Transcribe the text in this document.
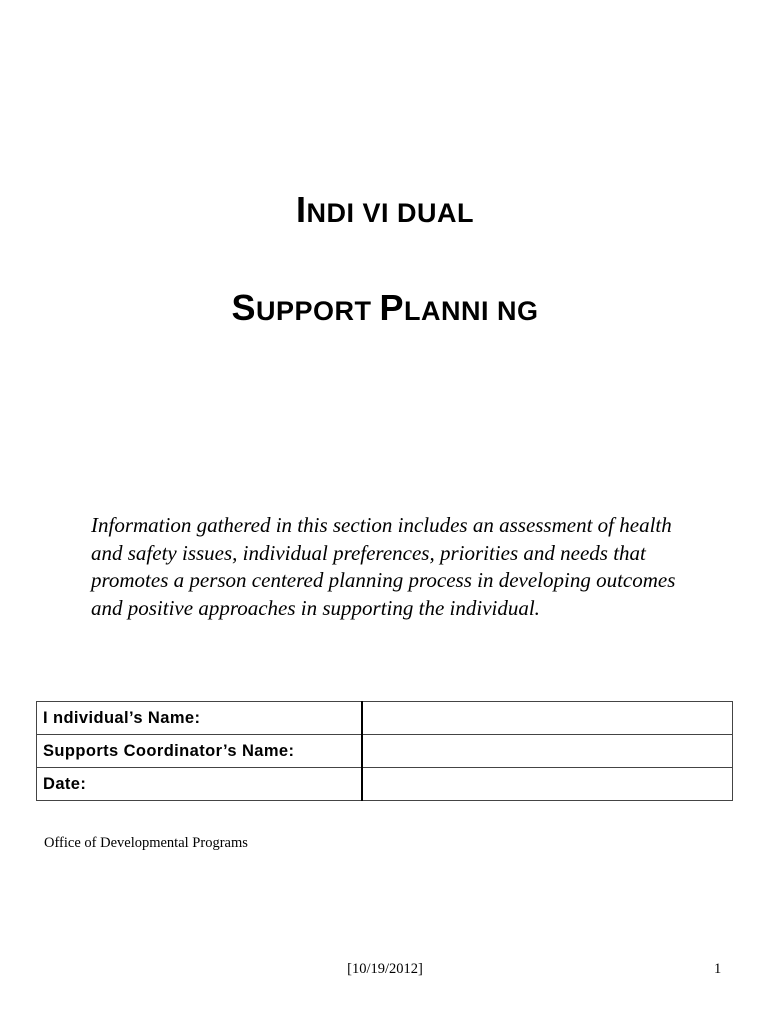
INDI VI DUAL
SUPPORT PLANNI NG

Information gathered in this section includes an assessment of health and safety issues, individual preferences, priorities and needs that promotes a person centered planning process in developing outcomes and positive approaches in supporting the individual.

I ndividual’s Name:	
Supports Coordinator’s Name:	
Date:	
Office of Developmental Programs
[10/19/2012]	1
